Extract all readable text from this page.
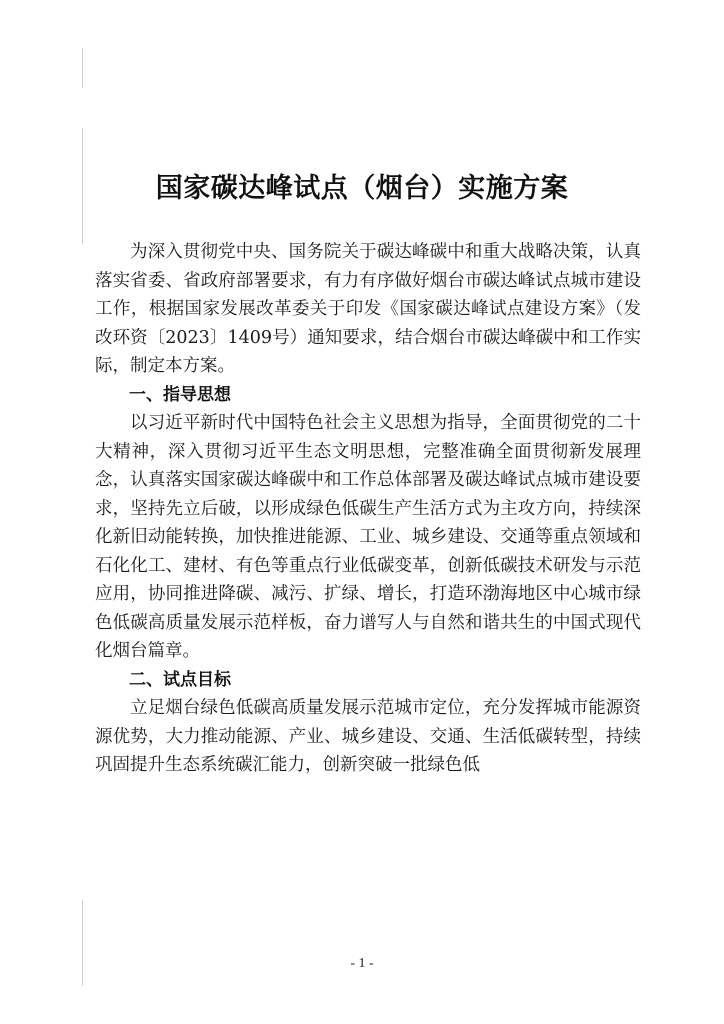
国家碳达峰试点（烟台）实施方案

为深入贯彻党中央、国务院关于碳达峰碳中和重大战略决策，认真落实省委、省政府部署要求，有力有序做好烟台市碳达峰试点城市建设工作，根据国家发展改革委关于印发《国家碳达峰试点建设方案》（发改环资〔2023〕1409号）通知要求，结合烟台市碳达峰碳中和工作实际，制定本方案。

一、指导思想

以习近平新时代中国特色社会主义思想为指导，全面贯彻党的二十大精神，深入贯彻习近平生态文明思想，完整准确全面贯彻新发展理念，认真落实国家碳达峰碳中和工作总体部署及碳达峰试点城市建设要求，坚持先立后破，以形成绿色低碳生产生活方式为主攻方向，持续深化新旧动能转换，加快推进能源、工业、城乡建设、交通等重点领域和石化化工、建材、有色等重点行业低碳变革，创新低碳技术研发与示范应用，协同推进降碳、减污、扩绿、增长，打造环渤海地区中心城市绿色低碳高质量发展示范样板，奋力谱写人与自然和谐共生的中国式现代化烟台篇章。

二、试点目标

立足烟台绿色低碳高质量发展示范城市定位，充分发挥城市能源资源优势，大力推动能源、产业、城乡建设、交通、生活低碳转型，持续巩固提升生态系统碳汇能力，创新突破一批绿色低

- 1 -
